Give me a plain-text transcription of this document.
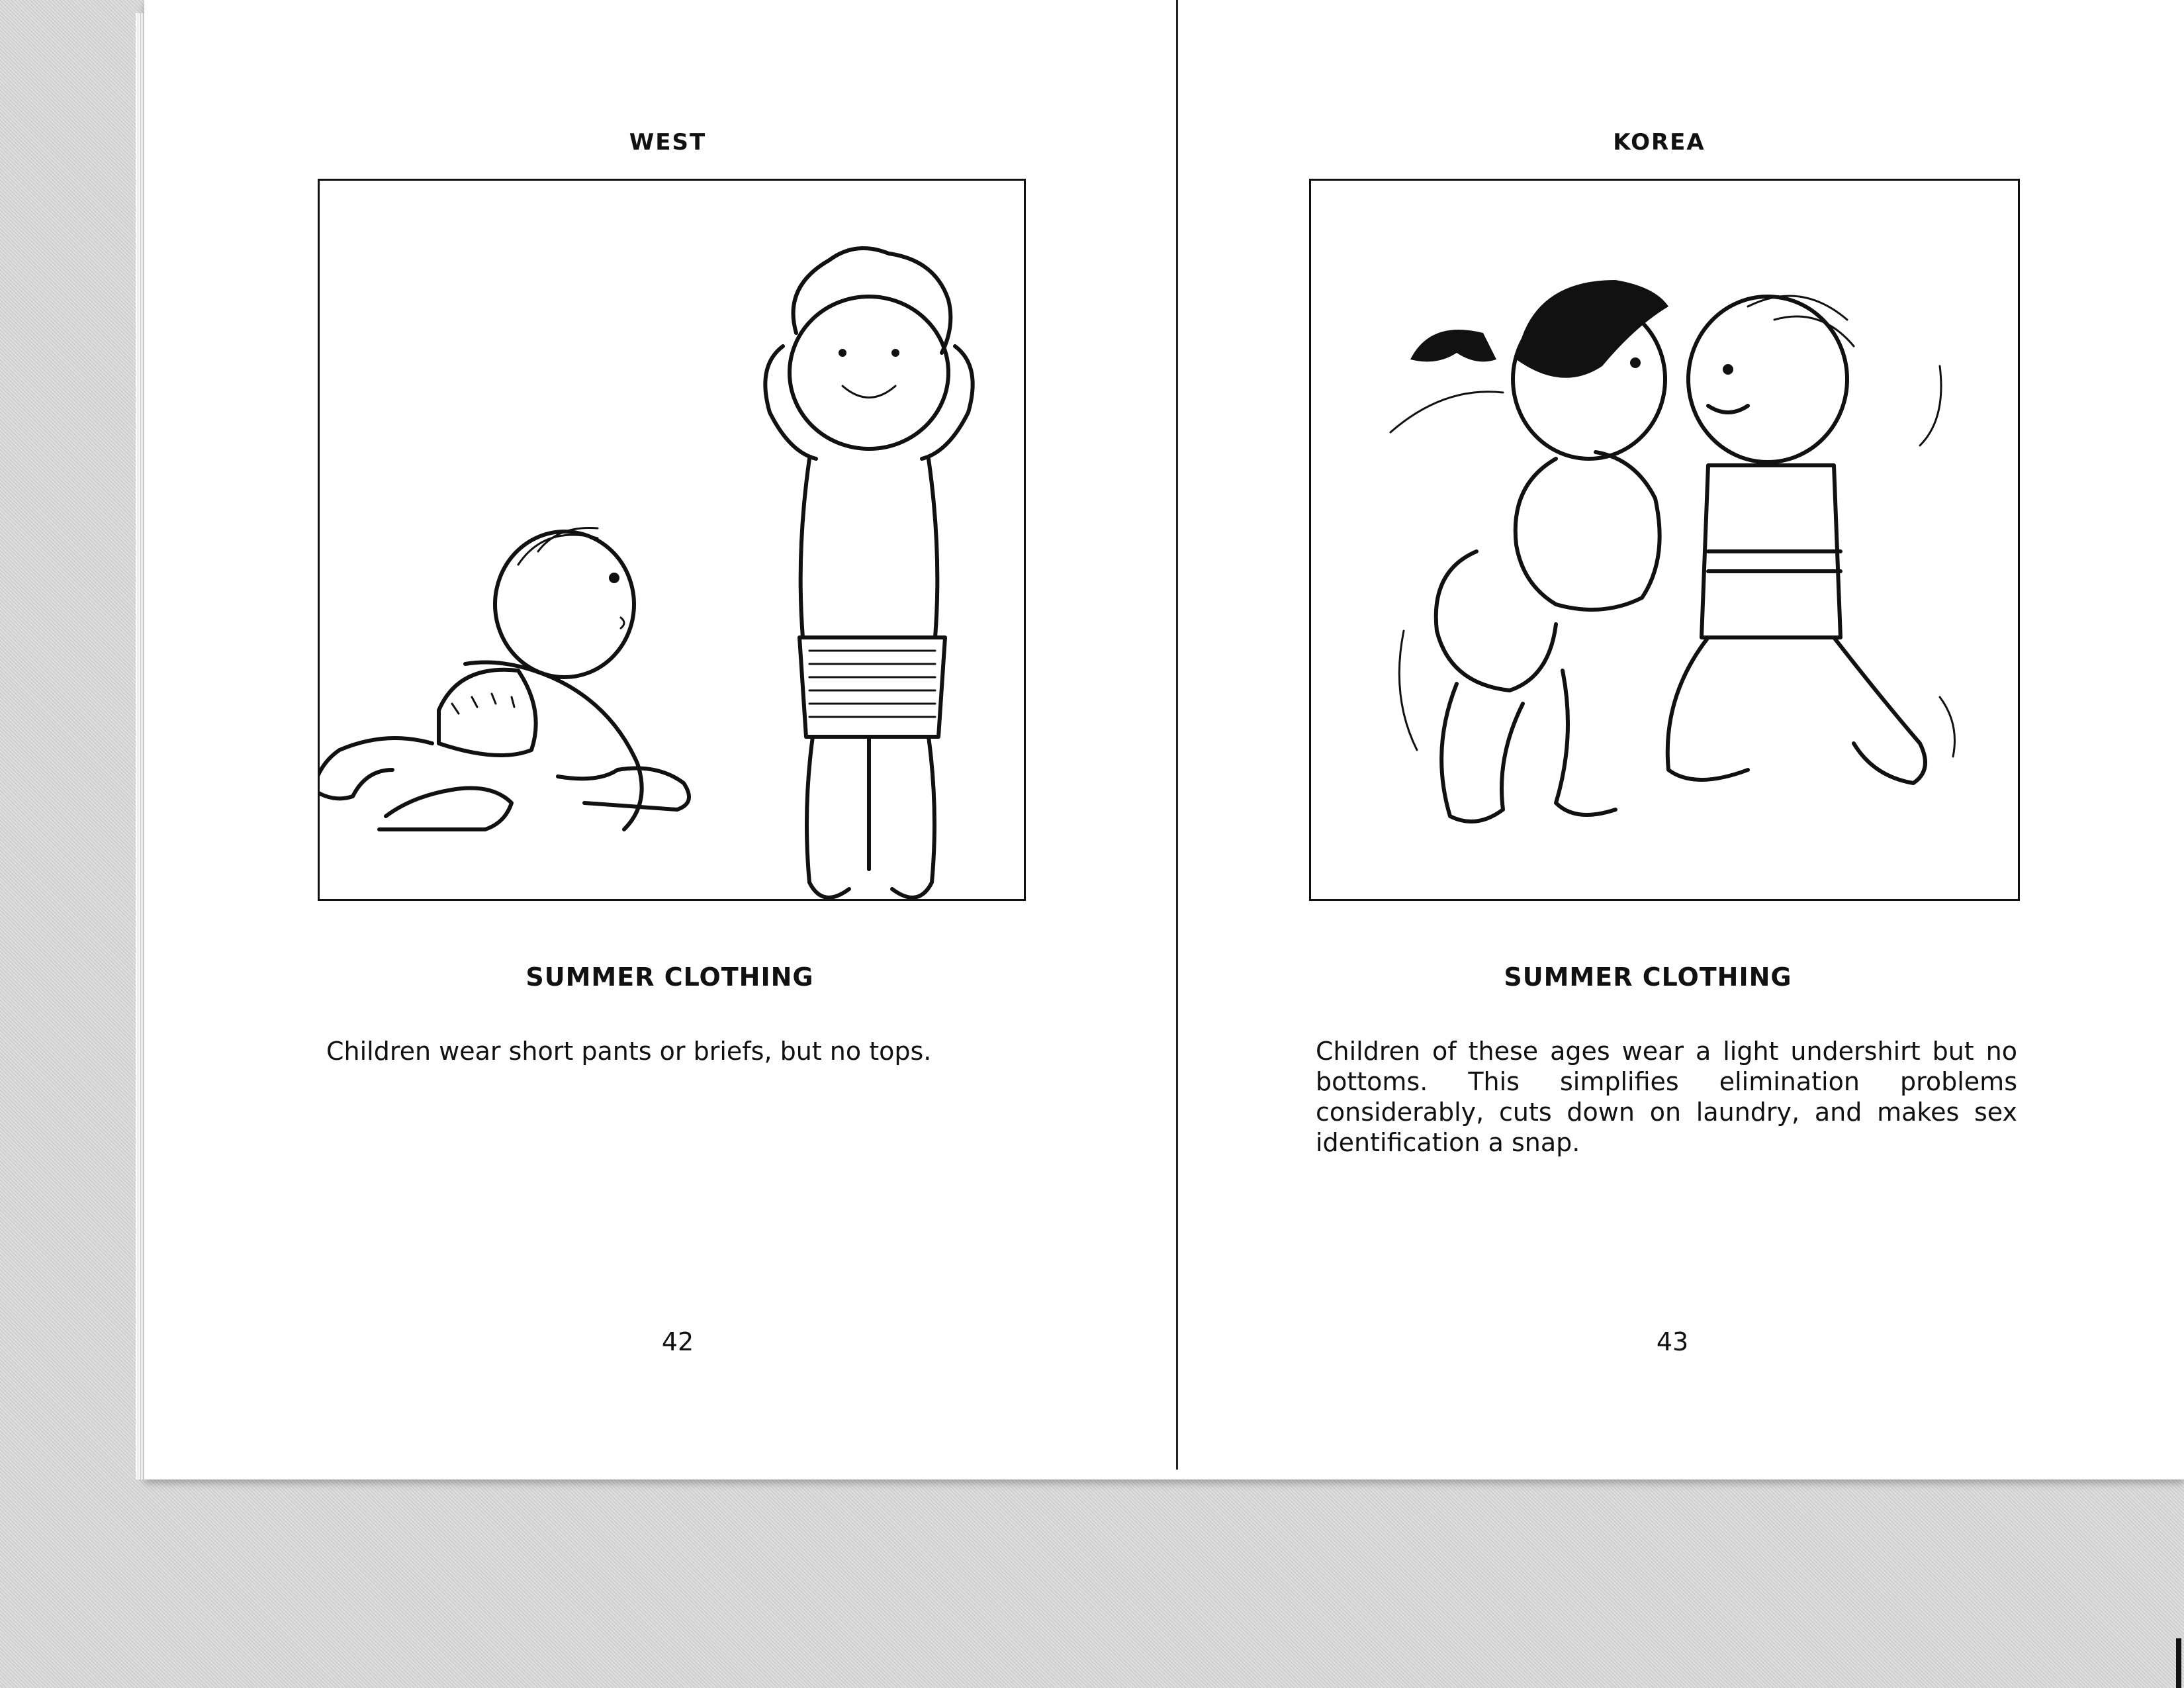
WEST
SUMMER CLOTHING
Children wear short pants or briefs, but no tops.
42
KOREA
SUMMER CLOTHING
Children of these ages wear a light undershirt but no bottoms. This simplifies elimination problems considerably, cuts down on laundry, and makes sex identification a snap.
43
